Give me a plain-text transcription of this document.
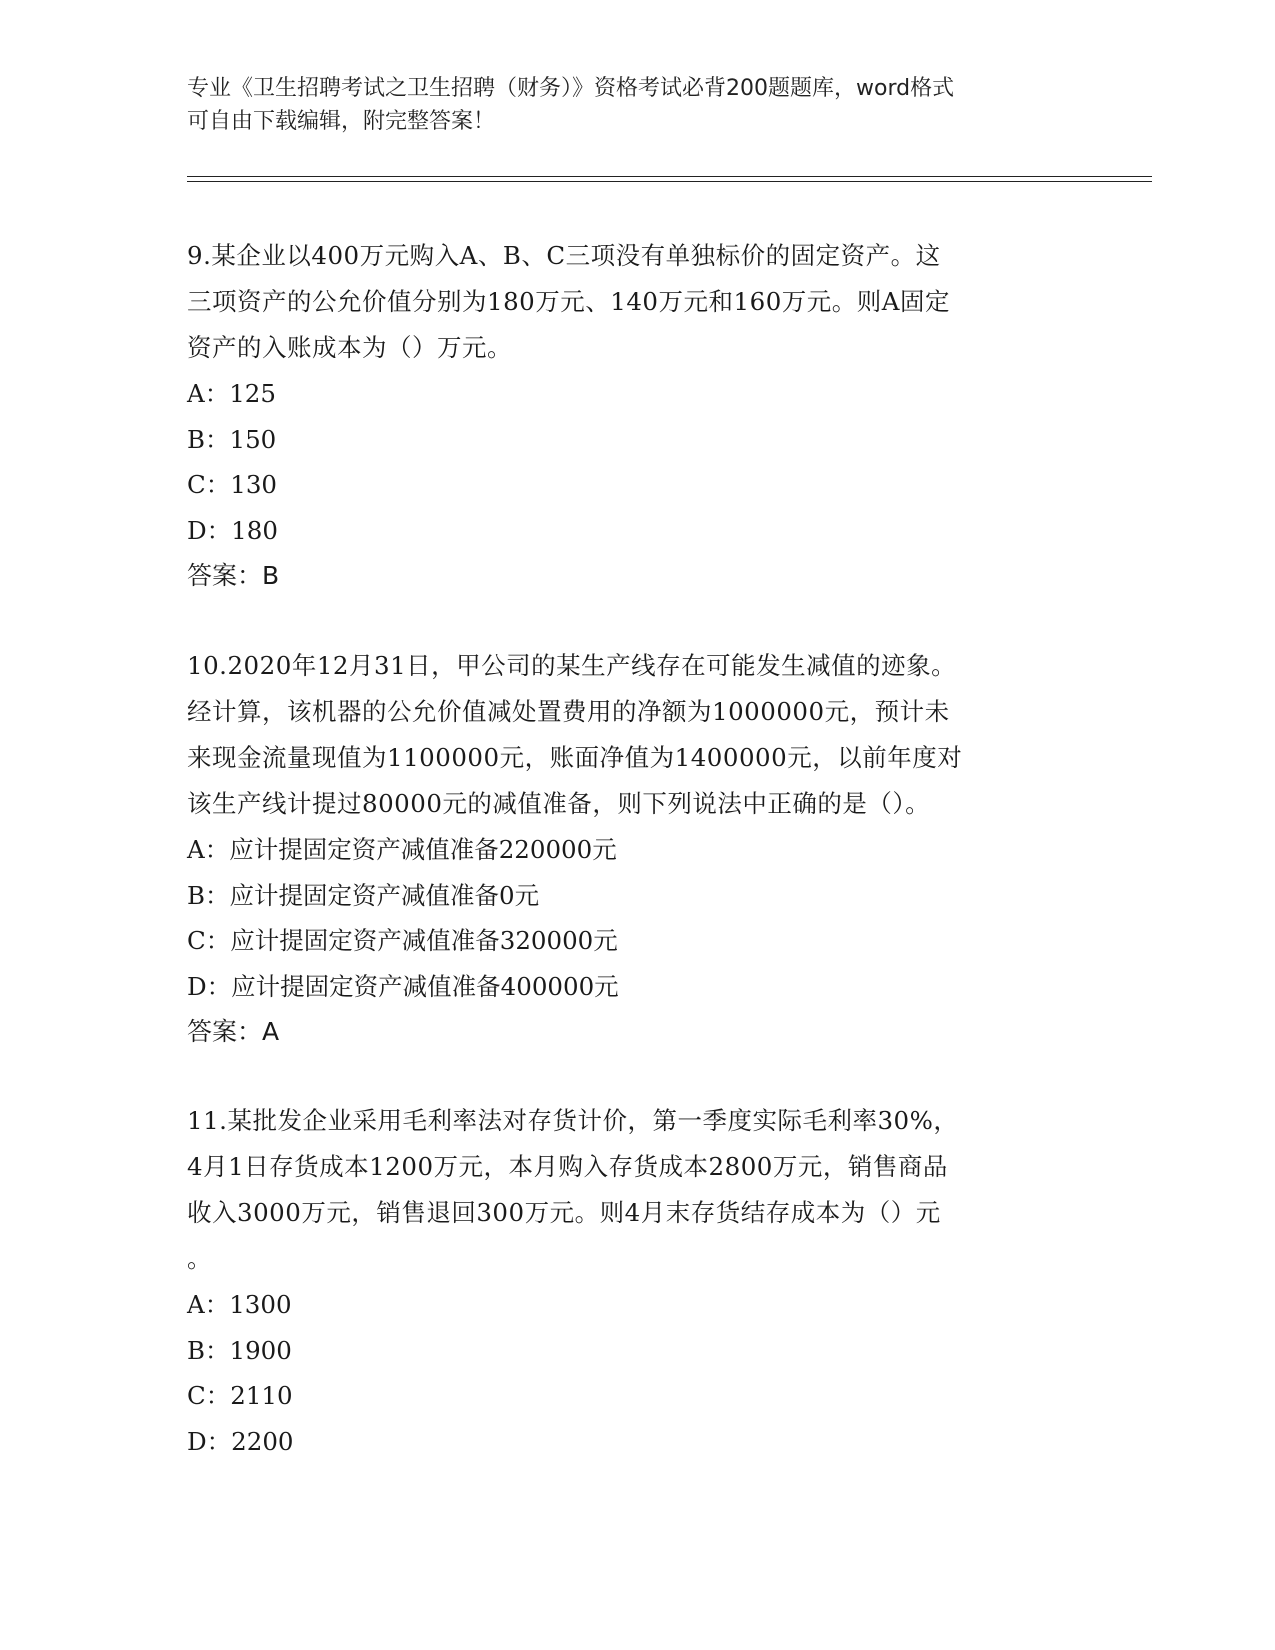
专业《卫生招聘考试之卫生招聘（财务）》资格考试必背200题题库，word格式
可自由下载编辑，附完整答案！
9.某企业以400万元购入A、B、C三项没有单独标价的固定资产。这
三项资产的公允价值分别为180万元、140万元和160万元。则A固定
资产的入账成本为（）万元。
A：125
B：150
C：130
D：180
答案：B
10.2020年12月31日，甲公司的某生产线存在可能发生减值的迹象。
经计算，该机器的公允价值减处置费用的净额为1000000元，预计未
来现金流量现值为1100000元，账面净值为1400000元，以前年度对
该生产线计提过80000元的减值准备，则下列说法中正确的是（）。
A：应计提固定资产减值准备220000元
B：应计提固定资产减值准备0元
C：应计提固定资产减值准备320000元
D：应计提固定资产减值准备400000元
答案：A
11.某批发企业采用毛利率法对存货计价，第一季度实际毛利率30%，
4月1日存货成本1200万元，本月购入存货成本2800万元，销售商品
收入3000万元，销售退回300万元。则4月末存货结存成本为（）元
。
A：1300
B：1900
C：2110
D：2200
